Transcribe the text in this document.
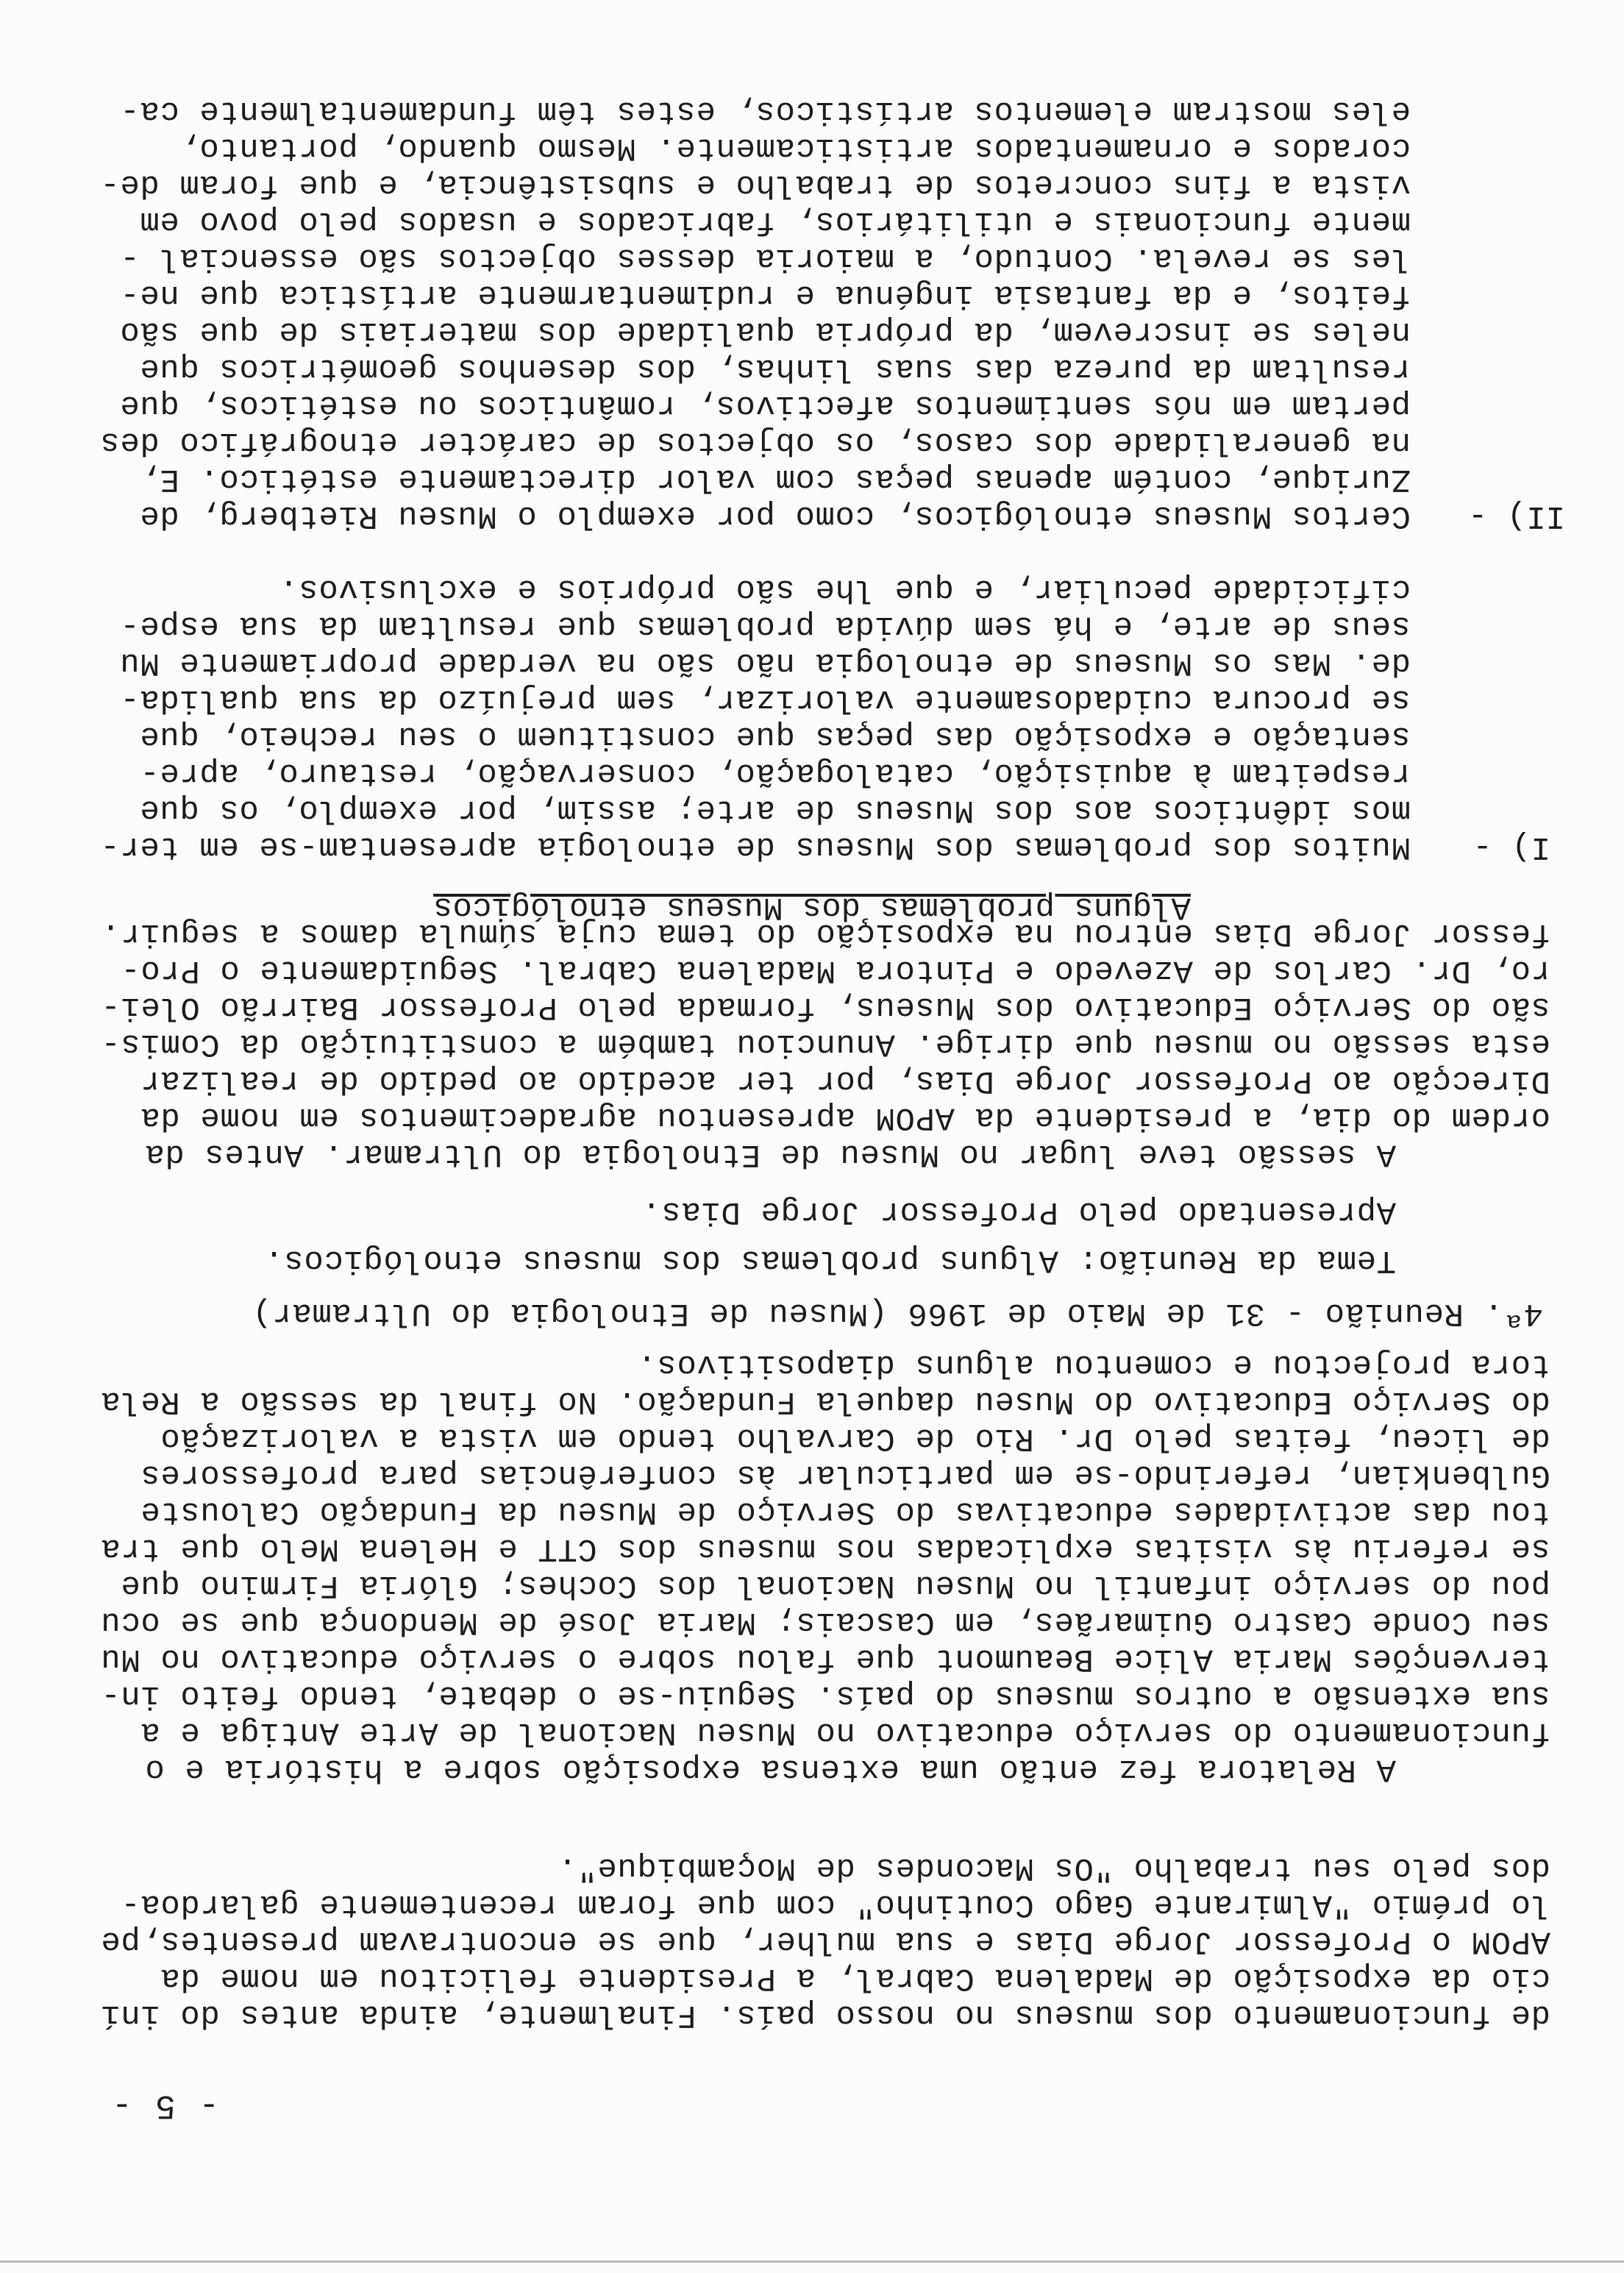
- 5 -
de funcionamento dos museus no nosso país. Finalmente, ainda antes do iní
cio da exposição de Madalena Cabral, a Presidente felicitou em nome da
APOM o Professor Jorge Dias e sua mulher, que se encontravam presentes,pe
lo prémio "Almirante Gago Coutinho" com que foram recentemente galardoa-
dos pelo seu trabalho "Os Macondes de Moçambique".
A Relatora fez então uma extensa exposição sobre a história e o
funcionamento do serviço educativo no Museu Nacional de Arte Antiga e a
sua extensão a outros museus do país. Seguiu-se o debate, tendo feito in-
tervenções Maria Alice Beaumont que falou sobre o serviço educativo no Mu
seu Conde Castro Guimarães, em Cascais; Maria José de Mendonça que se ocu
pou do serviço infantil no Museu Nacional dos Coches; Glória Firmino que
se referiu às visitas explicadas nos museus dos CTT e Helena Melo que tra
tou das actividades educativas do Serviço de Museu da Fundação Calouste
Gulbenkian, referindo-se em particular às conferências para professores
de liceu, feitas pelo Dr. Rio de Carvalho tendo em vista a valorização
do Serviço Educativo do Museu daquela Fundação. No final da sessão a Rela
tora projectou e comentou alguns diapositivos.
4ª. Reunião - 31 de Maio de 1966 (Museu de Etnologia do Ultramar)
Tema da Reunião: Alguns problemas dos museus etnológicos.
Apresentado pelo Professor Jorge Dias.
A sessão teve lugar no Museu de Etnologia do Ultramar. Antes da
ordem do dia, a presidente da APOM apresentou agradecimentos em nome da
Direcção ao Professor Jorge Dias, por ter acedido ao pedido de realizar
esta sessão no museu que dirige. Anunciou também a constituição da Comis-
são do Serviço Educativo dos Museus, formada pelo Professor Bairrão Olei-
ro, Dr. Carlos de Azevedo e Pintora Madalena Cabral. Seguidamente o Pro-
fessor Jorge Dias entrou na exposição do tema cuja súmula damos a seguir.
Alguns problemas dos Museus etnológicos
I) -
Muitos dos problemas dos Museus de etnologia apresentam-se em ter-
mos idênticos aos dos Museus de arte; assim, por exemplo, os que
respeitam à aquisição, catalogação, conservação, restauro, apre-
sentação e exposição das peças que constituem o seu recheio, que
se procura cuidadosamente valorizar, sem prejuízo da sua qualida-
de. Mas os Museus de etnologia não são na verdade propriamente Mu
seus de arte, e há sem dúvida problemas que resultam da sua espe-
cificidade peculiar, e que lhe são próprios e exclusivos.
II) -
Certos Museus etnológicos, como por exemplo o Museu Rietberg, de
Zurique, contém apenas peças com valor directamente estético. E,
na generalidade dos casos, os objectos de carácter etnográfico des
pertam em nós sentimentos afectivos, românticos ou estéticos, que
resultam da pureza das suas linhas, dos desenhos geométricos que
neles se inscrevem, da própria qualidade dos materiais de que são
feitos, e da fantasia ingénua e rudimentarmente artística que ne-
les se revela. Contudo, a maioria desses objectos são essencial -
mente funcionais e utilitários, fabricados e usados pelo povo em
vista a fins concretos de trabalho e subsistência, e que foram de-
corados e ornamentados artisticamente. Mesmo quando, portanto,
eles mostram elementos artísticos, estes têm fundamentalmente ca-
